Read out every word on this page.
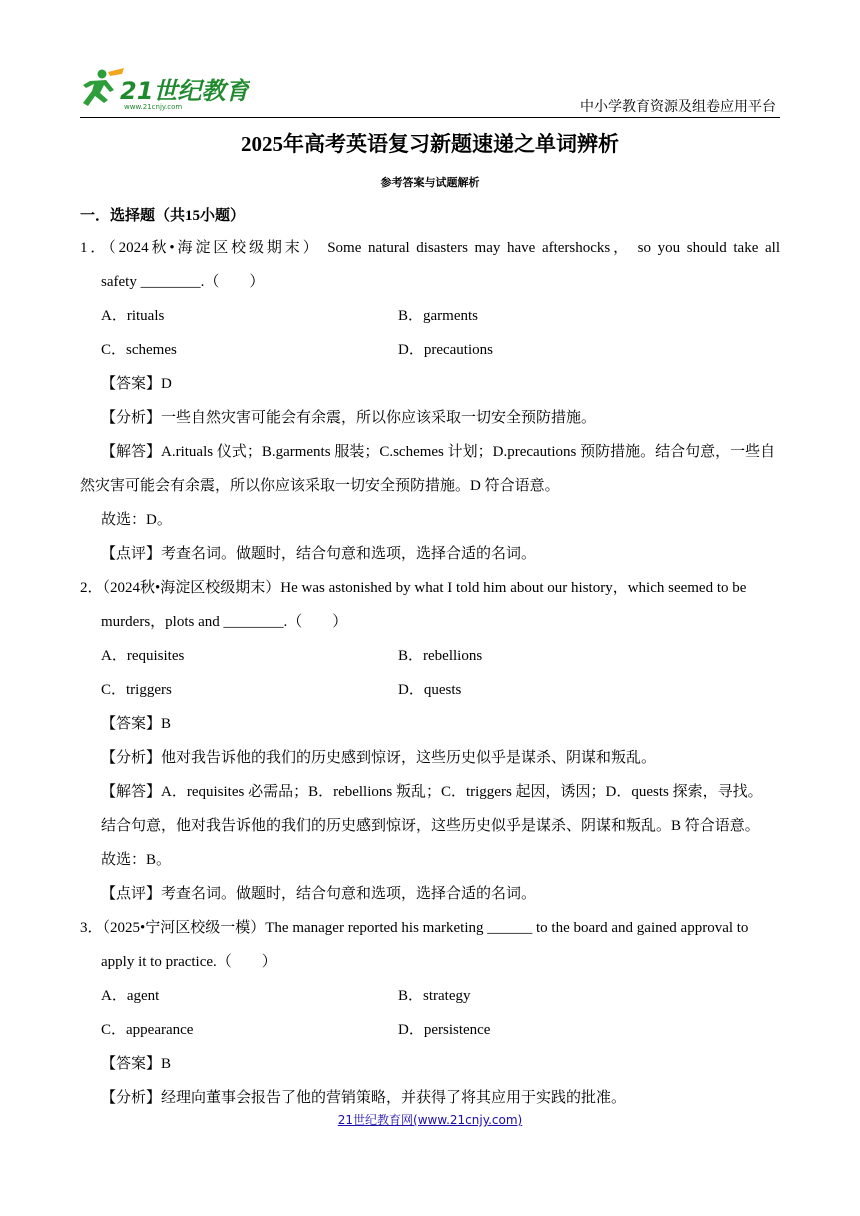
21世纪教育
www.21cnjy.com	中小学教育资源及组卷应用平台
2025年高考英语复习新题速递之单词辨析
参考答案与试题解析
一．选择题（共15小题）
1．（2024秋•海淀区校级期末） Some natural disasters may have aftershocks， so you should take all
safety ________.（　　）
A．rituals	B．garments
C．schemes	D．precautions
【答案】D
【分析】一些自然灾害可能会有余震，所以你应该采取一切安全预防措施。
【解答】A.rituals 仪式；B.garments 服装；C.schemes 计划；D.precautions 预防措施。结合句意，一些自
然灾害可能会有余震，所以你应该采取一切安全预防措施。D 符合语意。
故选：D。
【点评】考查名词。做题时，结合句意和选项，选择合适的名词。
2．（2024秋•海淀区校级期末）He was astonished by what I told him about our history，which seemed to be
murders，plots and ________.（　　）
A．requisites	B．rebellions
C．triggers	D．quests
【答案】B
【分析】他对我告诉他的我们的历史感到惊讶，这些历史似乎是谋杀、阴谋和叛乱。
【解答】A．requisites 必需品；B．rebellions 叛乱；C．triggers 起因，诱因；D．quests 探索，寻找。
结合句意，他对我告诉他的我们的历史感到惊讶，这些历史似乎是谋杀、阴谋和叛乱。B 符合语意。
故选：B。
【点评】考查名词。做题时，结合句意和选项，选择合适的名词。
3．（2025•宁河区校级一模）The manager reported his marketing ______ to the board and gained approval to
apply it to practice.（　　）
A．agent	B．strategy
C．appearance	D．persistence
【答案】B
【分析】经理向董事会报告了他的营销策略，并获得了将其应用于实践的批准。
21世纪教育网(www.21cnjy.com)
